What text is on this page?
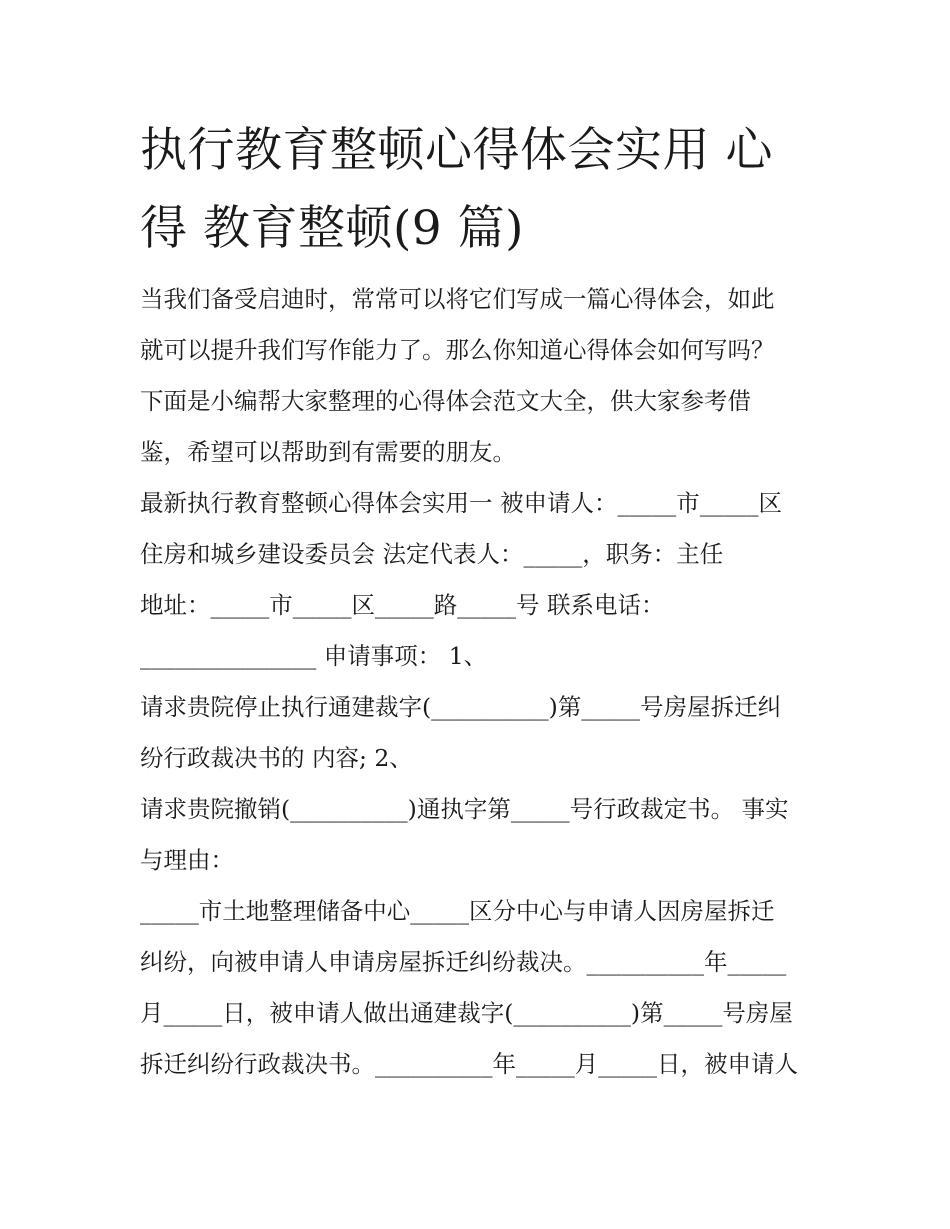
执行教育整顿心得体会实用 心
得 教育整顿(9 篇)
当我们备受启迪时，常常可以将它们写成一篇心得体会，如此
就可以提升我们写作能力了。那么你知道心得体会如何写吗？
下面是小编帮大家整理的心得体会范文大全，供大家参考借
鉴，希望可以帮助到有需要的朋友。
最新执行教育整顿心得体会实用一 被申请人：_____市_____区
住房和城乡建设委员会 法定代表人：_____，职务：主任
地址：_____市_____区_____路_____号 联系电话：
_______________ 申请事项： 1、
请求贵院停止执行通建裁字(__________)第_____号房屋拆迁纠
纷行政裁决书的 内容; 2、
请求贵院撤销(__________)通执字第_____号行政裁定书。 事实
与理由：
_____市土地整理储备中心_____区分中心与申请人因房屋拆迁
纠纷，向被申请人申请房屋拆迁纠纷裁决。__________年_____
月_____日，被申请人做出通建裁字(__________)第_____号房屋
拆迁纠纷行政裁决书。__________年_____月_____日，被申请人
